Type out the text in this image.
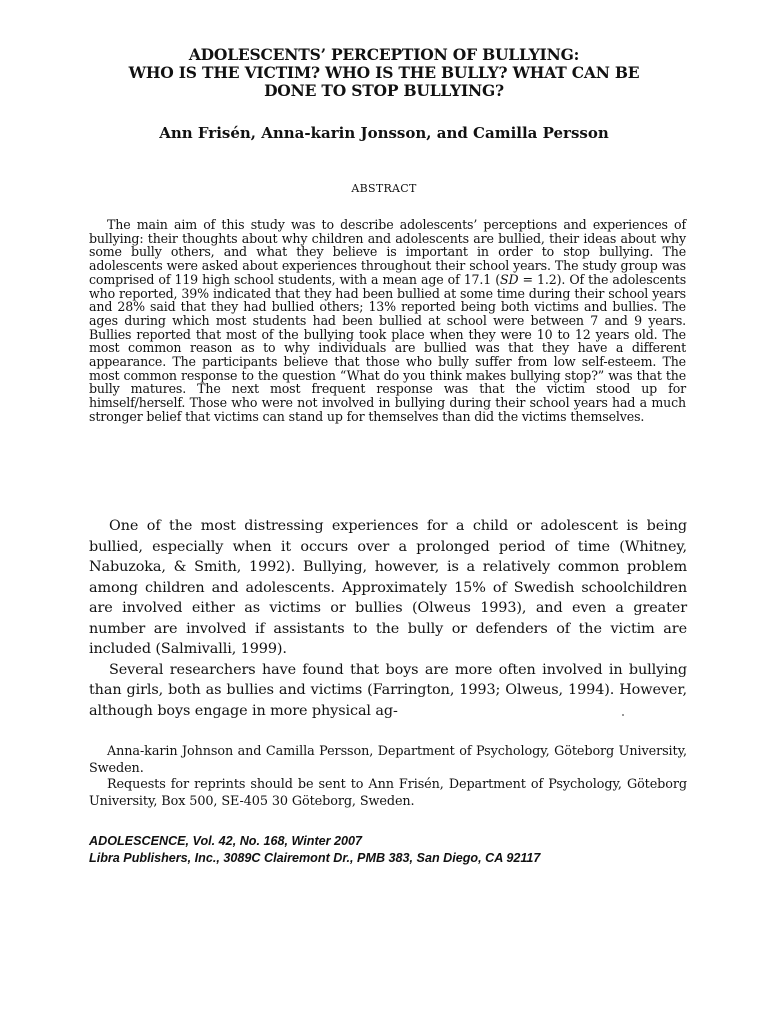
ADOLESCENTS’ PERCEPTION OF BULLYING:
WHO IS THE VICTIM? WHO IS THE BULLY? WHAT CAN BE
DONE TO STOP BULLYING?
Ann Frisén, Anna-karin Jonsson, and Camilla Persson
ABSTRACT

The main aim of this study was to describe adolescents’ perceptions and experiences of bullying: their thoughts about why children and adolescents are bullied, their ideas about why some bully others, and what they believe is important in order to stop bullying. The adolescents were asked about experiences throughout their school years. The study group was comprised of 119 high school students, with a mean age of 17.1 (SD = 1.2). Of the adolescents who reported, 39% indicated that they had been bullied at some time during their school years and 28% said that they had bullied others; 13% reported being both victims and bullies. The ages during which most students had been bullied at school were between 7 and 9 years. Bullies reported that most of the bullying took place when they were 10 to 12 years old. The most common reason as to why individuals are bullied was that they have a different appearance. The participants believe that those who bully suffer from low self-esteem. The most common response to the question “What do you think makes bullying stop?” was that the bully matures. The next most frequent response was that the victim stood up for himself/herself. Those who were not involved in bullying during their school years had a much stronger belief that victims can stand up for themselves than did the victims themselves.

One of the most distressing experiences for a child or adolescent is being bullied, especially when it occurs over a prolonged period of time (Whitney, Nabuzoka, & Smith, 1992). Bullying, however, is a relatively common problem among children and adolescents. Approximately 15% of Swedish schoolchildren are involved either as victims or bullies (Olweus 1993), and even a greater number are involved if assistants to the bully or defenders of the victim are included (Salmivalli, 1999).

Several researchers have found that boys are more often involved in bullying than girls, both as bullies and victims (Farrington, 1993; Olweus, 1994). However, although boys engage in more physical ag-

Anna-karin Johnson and Camilla Persson, Department of Psychology, Göteborg University, Sweden.

Requests for reprints should be sent to Ann Frisén, Department of Psychology, Göteborg University, Box 500, SE-405 30 Göteborg, Sweden.

ADOLESCENCE, Vol. 42, No. 168, Winter 2007
Libra Publishers, Inc., 3089C Clairemont Dr., PMB 383, San Diego, CA 92117
